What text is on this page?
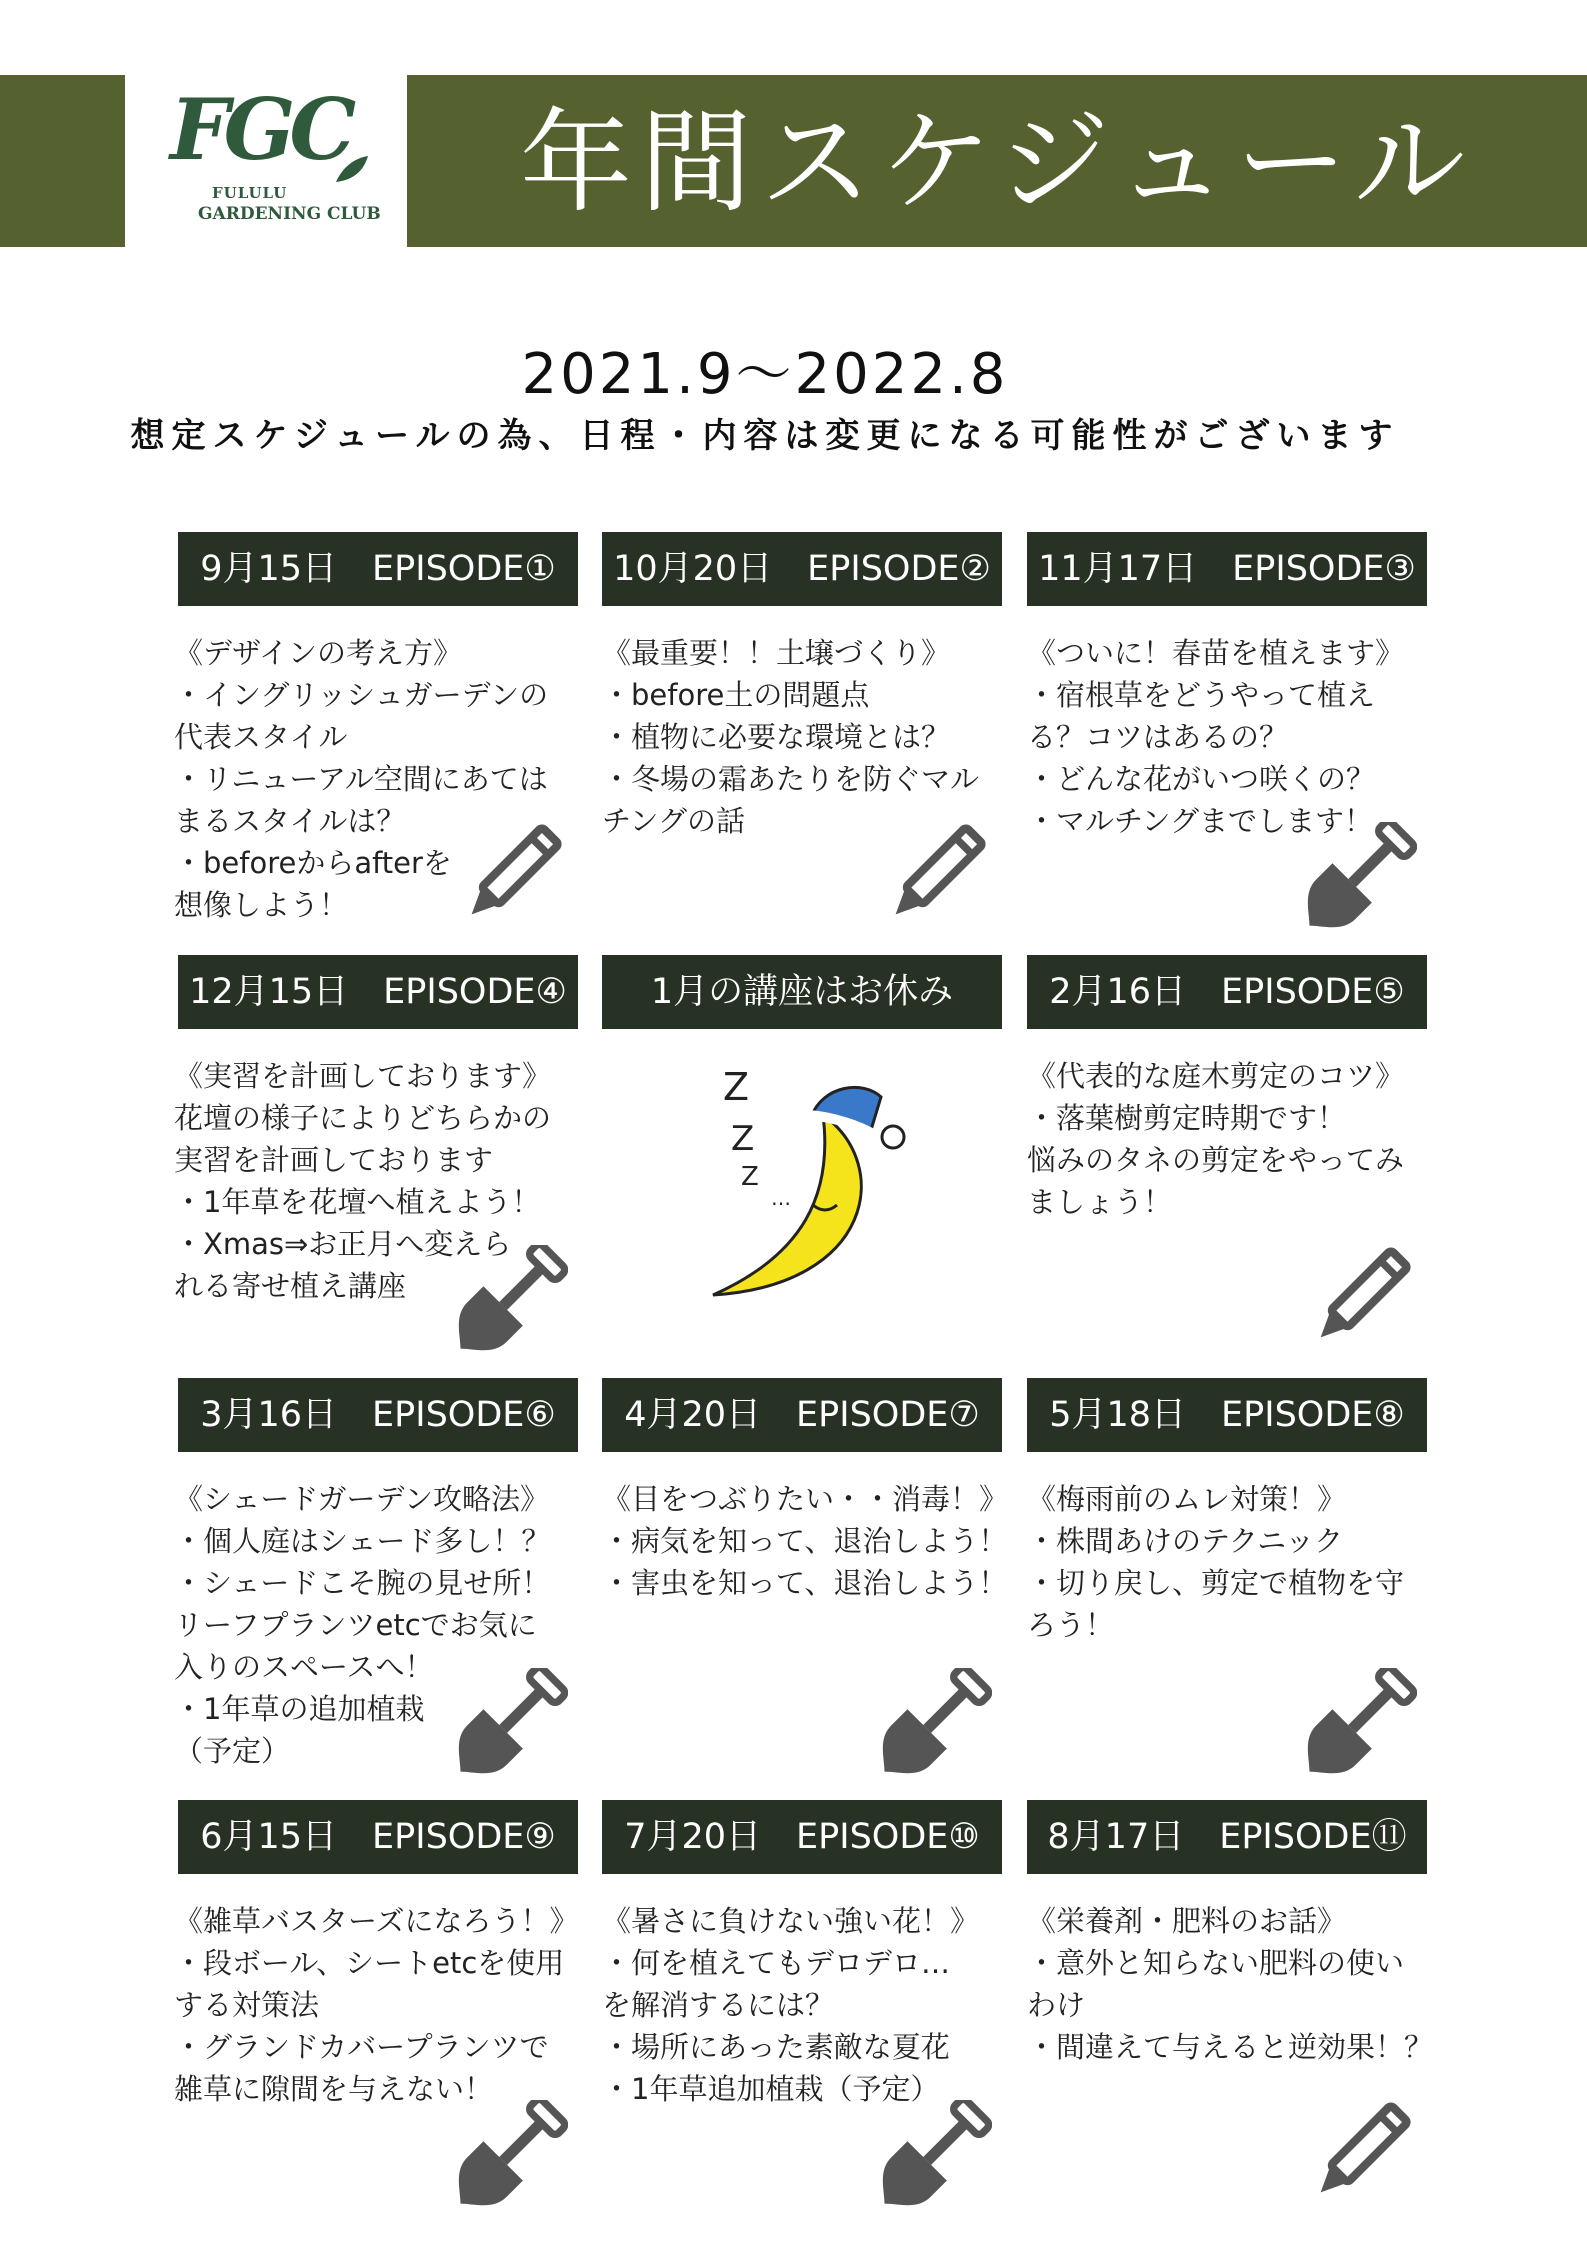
年間スケジュール
FGC
FULULU
GARDENING CLUB
2021.9〜2022.8
想定スケジュールの為、日程・内容は変更になる可能性がございます
9月15日　EPISODE①
《デザインの考え方》
・イングリッシュガーデンの
代表スタイル
・リニューアル空間にあては
まるスタイルは？
・beforeからafterを
想像しよう！
10月20日　EPISODE②
《最重要！！土壌づくり》
・before土の問題点
・植物に必要な環境とは？
・冬場の霜あたりを防ぐマル
チングの話
11月17日　EPISODE③
《ついに！春苗を植えます》
・宿根草をどうやって植え
る？コツはあるの？
・どんな花がいつ咲くの？
・マルチングまでします！
12月15日　EPISODE④
《実習を計画しております》
花壇の様子によりどちらかの
実習を計画しております
・1年草を花壇へ植えよう！
・Xmas⇒お正月へ変えら
れる寄せ植え講座
1月の講座はお休み	2月16日　EPISODE⑤
《代表的な庭木剪定のコツ》
・落葉樹剪定時期です！
悩みのタネの剪定をやってみ
ましょう！
3月16日　EPISODE⑥
《シェードガーデン攻略法》
・個人庭はシェード多し！？
・シェードこそ腕の見せ所！
リーフプランツetcでお気に
入りのスペースへ！
・1年草の追加植栽
（予定）
4月20日　EPISODE⑦
《目をつぶりたい・・消毒！》
・病気を知って、退治しよう！
・害虫を知って、退治しよう！
5月18日　EPISODE⑧
《梅雨前のムレ対策！》
・株間あけのテクニック
・切り戻し、剪定で植物を守
ろう！
6月15日　EPISODE⑨
《雑草バスターズになろう！》
・段ボール、シートetcを使用
する対策法
・グランドカバープランツで
雑草に隙間を与えない！
7月20日　EPISODE⑩
《暑さに負けない強い花！》
・何を植えてもデロデロ…
を解消するには？
・場所にあった素敵な夏花
・1年草追加植栽（予定）
8月17日　EPISODE⑪
《栄養剤・肥料のお話》
・意外と知らない肥料の使い
わけ
・間違えて与えると逆効果！？
Z
Z
Z
…
